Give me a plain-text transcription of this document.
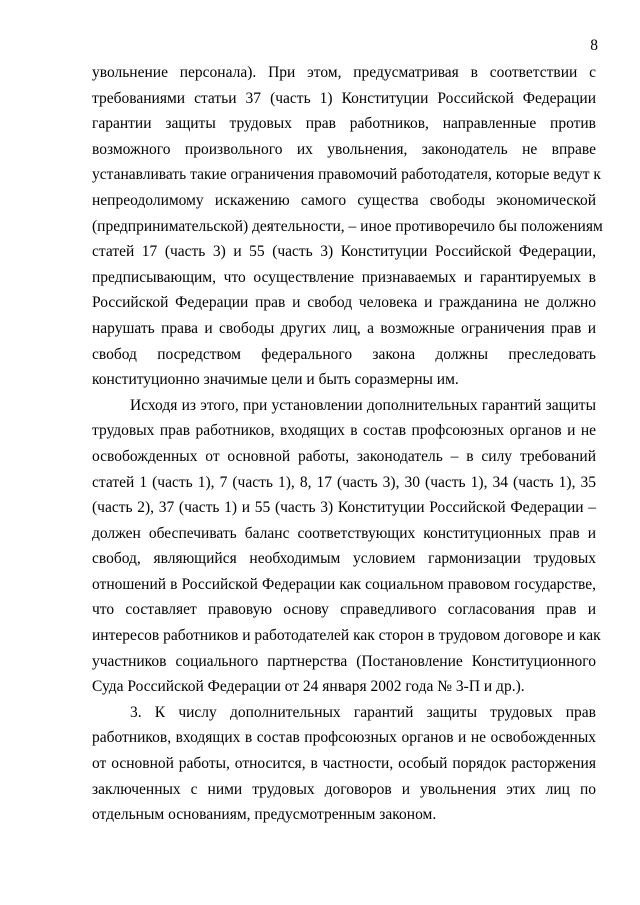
8
увольнение персонала). При этом, предусматривая в соответствии с
требованиями статьи 37 (часть 1) Конституции Российской Федерации
гарантии защиты трудовых прав работников, направленные против
возможного произвольного их увольнения, законодатель не вправе
устанавливать такие ограничения правомочий работодателя, которые ведут к
непреодолимому искажению самого существа свободы экономической
(предпринимательской) деятельности, – иное противоречило бы положениям
статей 17 (часть 3) и 55 (часть 3) Конституции Российской Федерации,
предписывающим, что осуществление признаваемых и гарантируемых в
Российской Федерации прав и свобод человека и гражданина не должно
нарушать права и свободы других лиц, а возможные ограничения прав и
свобод посредством федерального закона должны преследовать
конституционно значимые цели и быть соразмерны им.
Исходя из этого, при установлении дополнительных гарантий защиты
трудовых прав работников, входящих в состав профсоюзных органов и не
освобожденных от основной работы, законодатель – в силу требований
статей 1 (часть 1), 7 (часть 1), 8, 17 (часть 3), 30 (часть 1), 34 (часть 1), 35
(часть 2), 37 (часть 1) и 55 (часть 3) Конституции Российской Федерации –
должен обеспечивать баланс соответствующих конституционных прав и
свобод, являющийся необходимым условием гармонизации трудовых
отношений в Российской Федерации как социальном правовом государстве,
что составляет правовую основу справедливого согласования прав и
интересов работников и работодателей как сторон в трудовом договоре и как
участников социального партнерства (Постановление Конституционного
Суда Российской Федерации от 24 января 2002 года № 3-П и др.).
3. К числу дополнительных гарантий защиты трудовых прав
работников, входящих в состав профсоюзных органов и не освобожденных
от основной работы, относится, в частности, особый порядок расторжения
заключенных с ними трудовых договоров и увольнения этих лиц по
отдельным основаниям, предусмотренным законом.
